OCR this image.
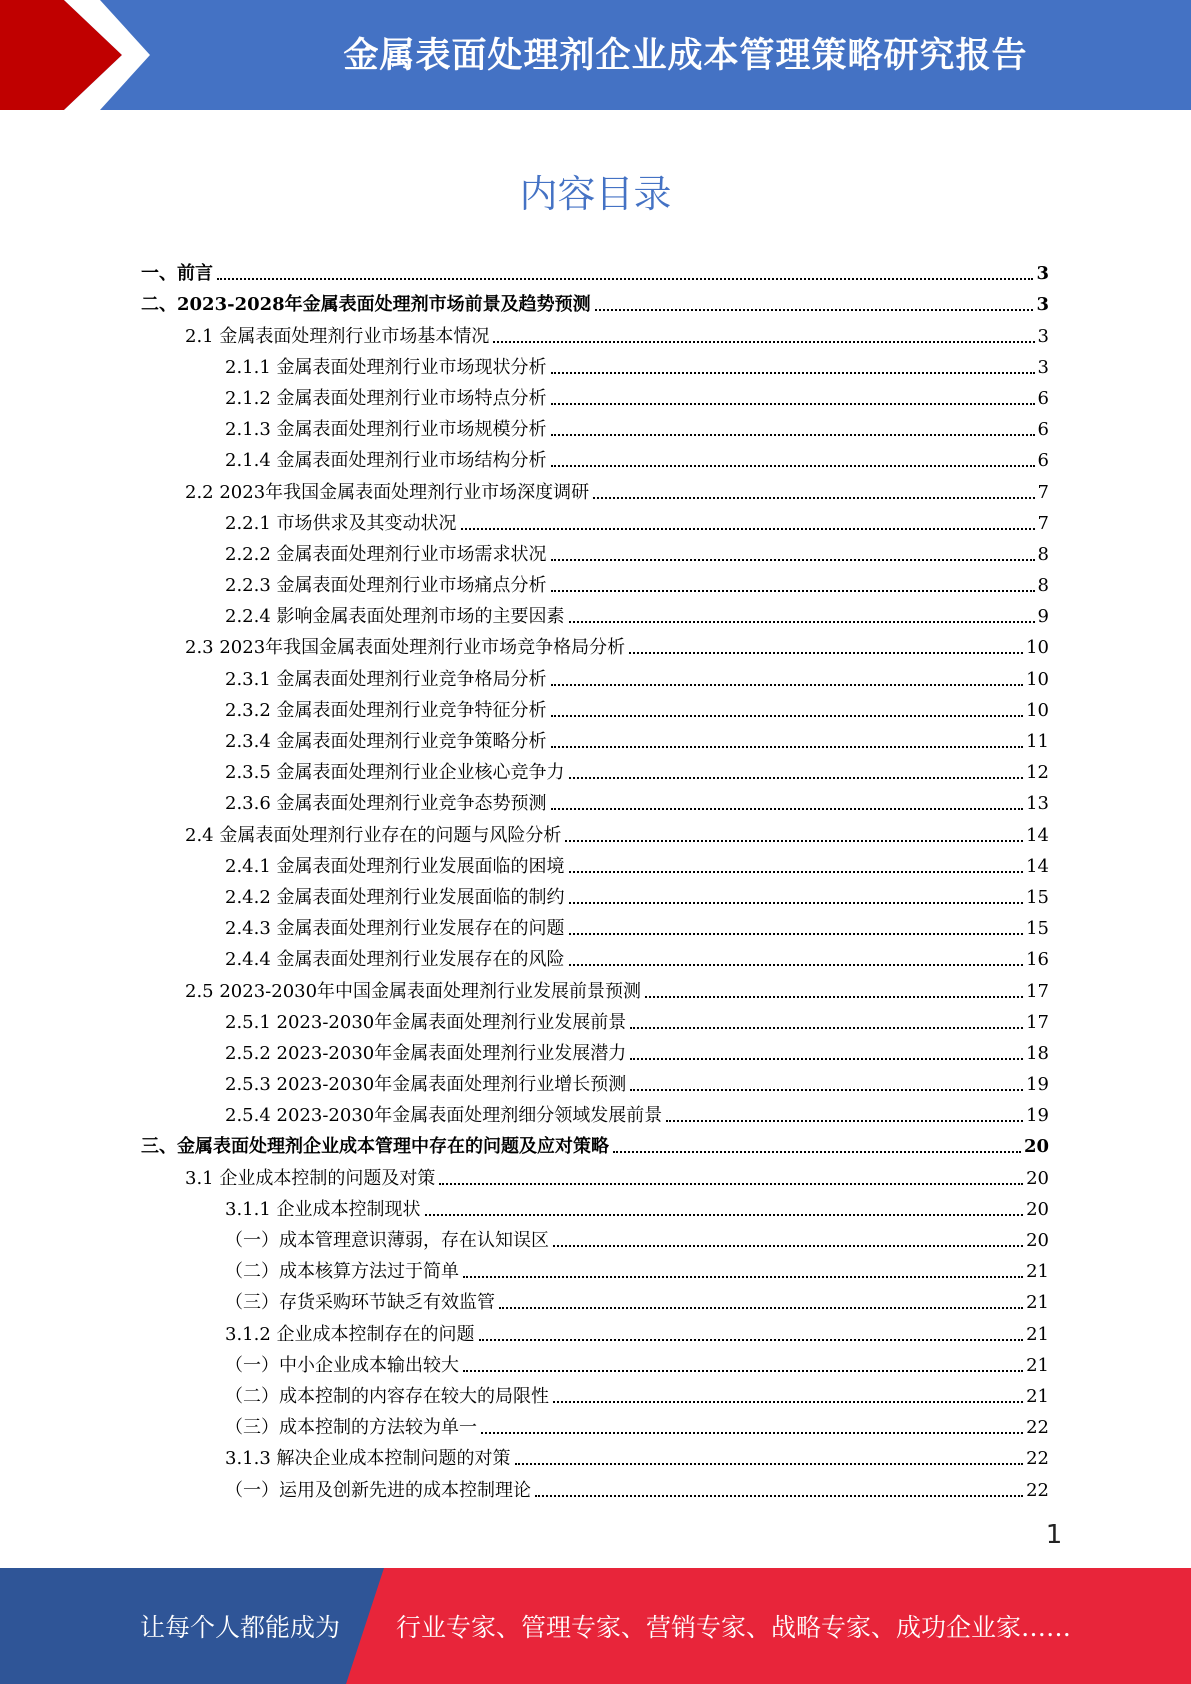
金属表面处理剂企业成本管理策略研究报告
内容目录
一、前言	3
二、2023-2028年金属表面处理剂市场前景及趋势预测	3
2.1 金属表面处理剂行业市场基本情况	3
2.1.1 金属表面处理剂行业市场现状分析	3
2.1.2 金属表面处理剂行业市场特点分析	6
2.1.3 金属表面处理剂行业市场规模分析	6
2.1.4 金属表面处理剂行业市场结构分析	6
2.2 2023年我国金属表面处理剂行业市场深度调研	7
2.2.1 市场供求及其变动状况	7
2.2.2 金属表面处理剂行业市场需求状况	8
2.2.3 金属表面处理剂行业市场痛点分析	8
2.2.4 影响金属表面处理剂市场的主要因素	9
2.3 2023年我国金属表面处理剂行业市场竞争格局分析	10
2.3.1 金属表面处理剂行业竞争格局分析	10
2.3.2 金属表面处理剂行业竞争特征分析	10
2.3.4 金属表面处理剂行业竞争策略分析	11
2.3.5 金属表面处理剂行业企业核心竞争力	12
2.3.6 金属表面处理剂行业竞争态势预测	13
2.4 金属表面处理剂行业存在的问题与风险分析	14
2.4.1 金属表面处理剂行业发展面临的困境	14
2.4.2 金属表面处理剂行业发展面临的制约	15
2.4.3 金属表面处理剂行业发展存在的问题	15
2.4.4 金属表面处理剂行业发展存在的风险	16
2.5 2023-2030年中国金属表面处理剂行业发展前景预测	17
2.5.1 2023-2030年金属表面处理剂行业发展前景	17
2.5.2 2023-2030年金属表面处理剂行业发展潜力	18
2.5.3 2023-2030年金属表面处理剂行业增长预测	19
2.5.4 2023-2030年金属表面处理剂细分领域发展前景	19
三、金属表面处理剂企业成本管理中存在的问题及应对策略	20
3.1 企业成本控制的问题及对策	20
3.1.1 企业成本控制现状	20
（一）成本管理意识薄弱，存在认知误区	20
（二）成本核算方法过于简单	21
（三）存货采购环节缺乏有效监管	21
3.1.2 企业成本控制存在的问题	21
（一）中小企业成本输出较大	21
（二）成本控制的内容存在较大的局限性	21
（三）成本控制的方法较为单一	22
3.1.3 解决企业成本控制问题的对策	22
（一）运用及创新先进的成本控制理论	22
1
让每个人都能成为 行业专家、管理专家、营销专家、战略专家、成功企业家……
